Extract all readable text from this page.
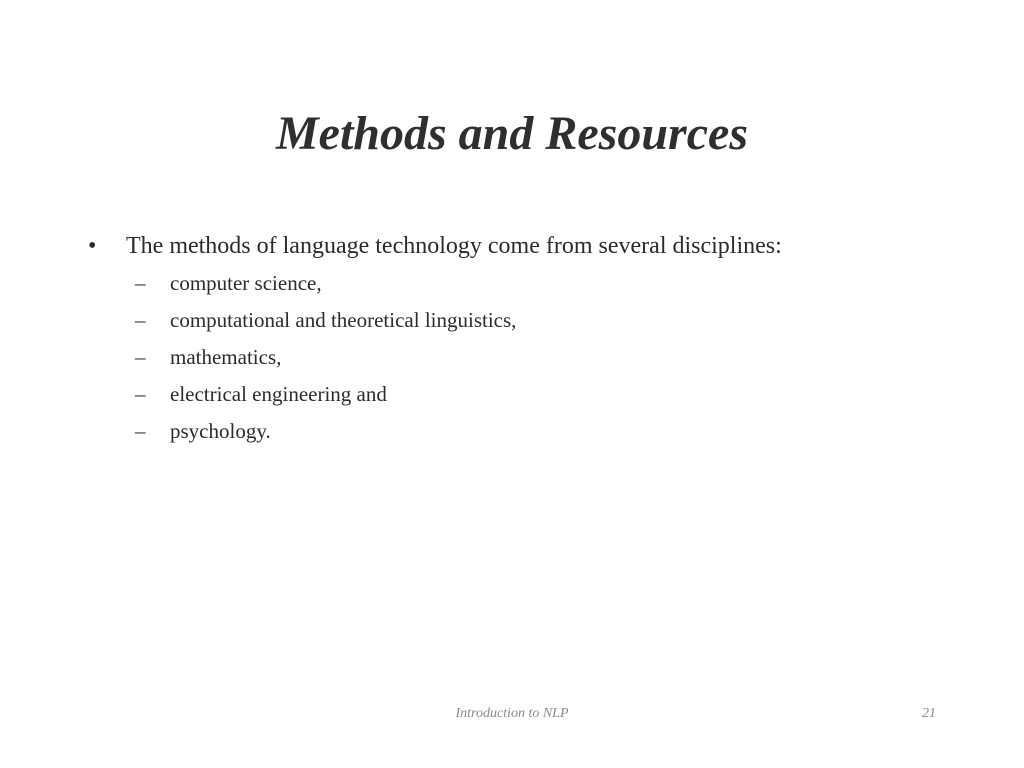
Methods and Resources
•	The methods of language technology come from several disciplines:
–	computer science,
–	computational and theoretical linguistics,
–	mathematics,
–	electrical engineering and
–	psychology.
Introduction to NLP	21
